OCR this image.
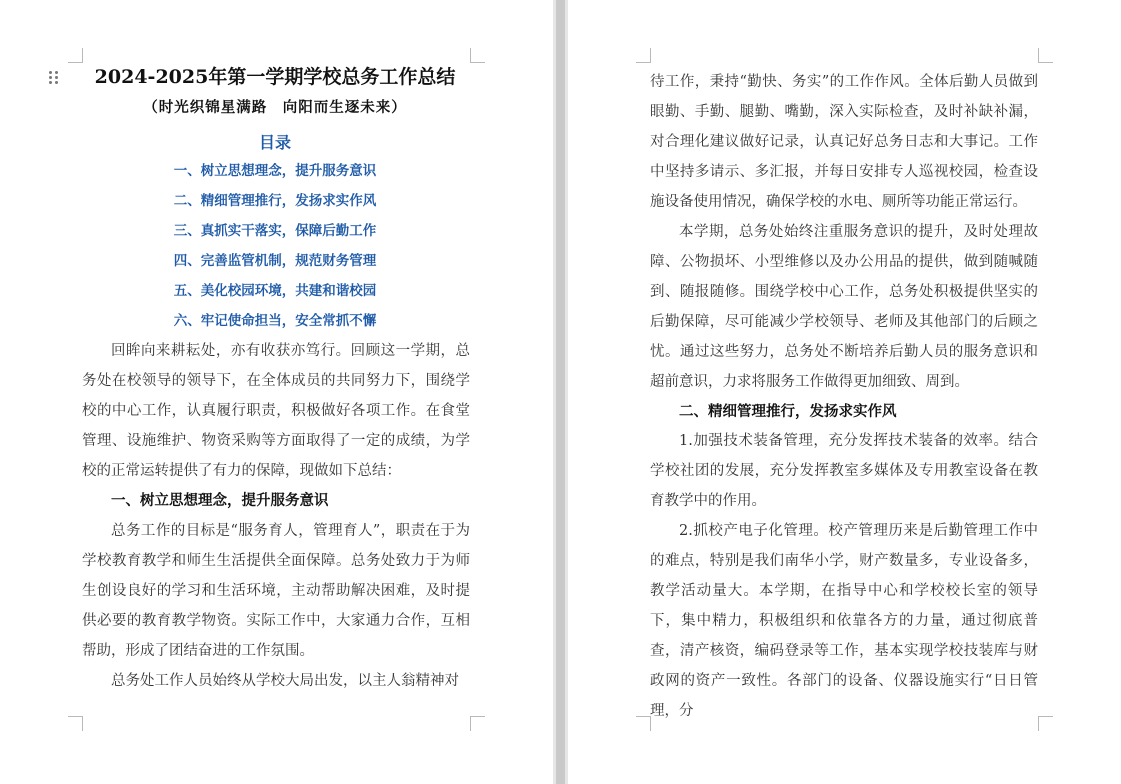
2024-2025年第一学期学校总务工作总结
（时光织锦星满路　向阳而生逐未来）
目录
一、树立思想理念，提升服务意识
二、精细管理推行，发扬求实作风
三、真抓实干落实，保障后勤工作
四、完善监管机制，规范财务管理
五、美化校园环境，共建和谐校园
六、牢记使命担当，安全常抓不懈

回眸向来耕耘处，亦有收获亦笃行。回顾这一学期，总务处在校领导的领导下，在全体成员的共同努力下，围绕学校的中心工作，认真履行职责，积极做好各项工作。在食堂管理、设施维护、物资采购等方面取得了一定的成绩，为学校的正常运转提供了有力的保障，现做如下总结：

一、树立思想理念，提升服务意识

总务工作的目标是“服务育人，管理育人”，职责在于为学校教育教学和师生生活提供全面保障。总务处致力于为师生创设良好的学习和生活环境，主动帮助解决困难，及时提供必要的教育教学物资。实际工作中，大家通力合作，互相帮助，形成了团结奋进的工作氛围。

总务处工作人员始终从学校大局出发，以主人翁精神对

待工作，秉持“勤快、务实”的工作作风。全体后勤人员做到眼勤、手勤、腿勤、嘴勤，深入实际检查，及时补缺补漏，对合理化建议做好记录，认真记好总务日志和大事记。工作中坚持多请示、多汇报，并每日安排专人巡视校园，检查设施设备使用情况，确保学校的水电、厕所等功能正常运行。

本学期，总务处始终注重服务意识的提升，及时处理故障、公物损坏、小型维修以及办公用品的提供，做到随喊随到、随报随修。围绕学校中心工作，总务处积极提供坚实的后勤保障，尽可能减少学校领导、老师及其他部门的后顾之忧。通过这些努力，总务处不断培养后勤人员的服务意识和超前意识，力求将服务工作做得更加细致、周到。

二、精细管理推行，发扬求实作风

1.加强技术装备管理，充分发挥技术装备的效率。结合学校社团的发展，充分发挥教室多媒体及专用教室设备在教育教学中的作用。

2.抓校产电子化管理。校产管理历来是后勤管理工作中的难点，特别是我们南华小学，财产数量多，专业设备多，教学活动量大。本学期，在指导中心和学校校长室的领导下，集中精力，积极组织和依靠各方的力量，通过彻底普查，清产核资，编码登录等工作，基本实现学校技装库与财政网的资产一致性。各部门的设备、仪器设施实行“日日管理，分
